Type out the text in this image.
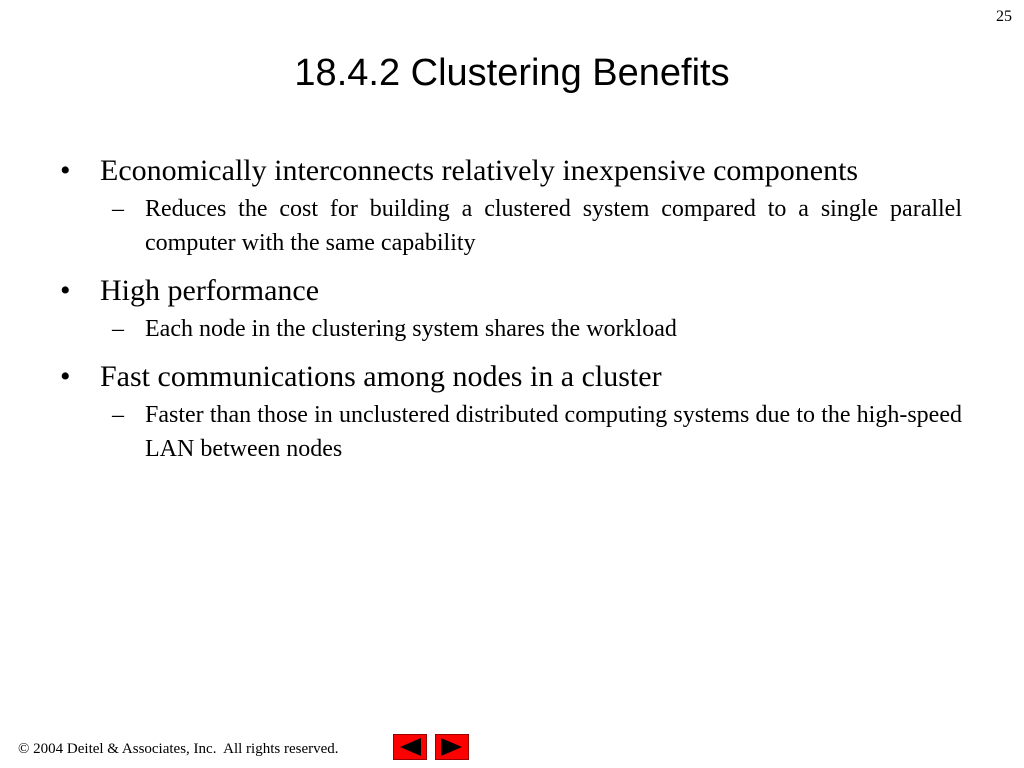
25
18.4.2 Clustering Benefits
• Economically interconnects relatively inexpensive components
– Reduces the cost for building a clustered system compared to a single parallel computer with the same capability
• High performance
– Each node in the clustering system shares the workload
• Fast communications among nodes in a cluster
– Faster than those in unclustered distributed computing systems due to the high-speed LAN between nodes
© 2004 Deitel & Associates, Inc.  All rights reserved.
